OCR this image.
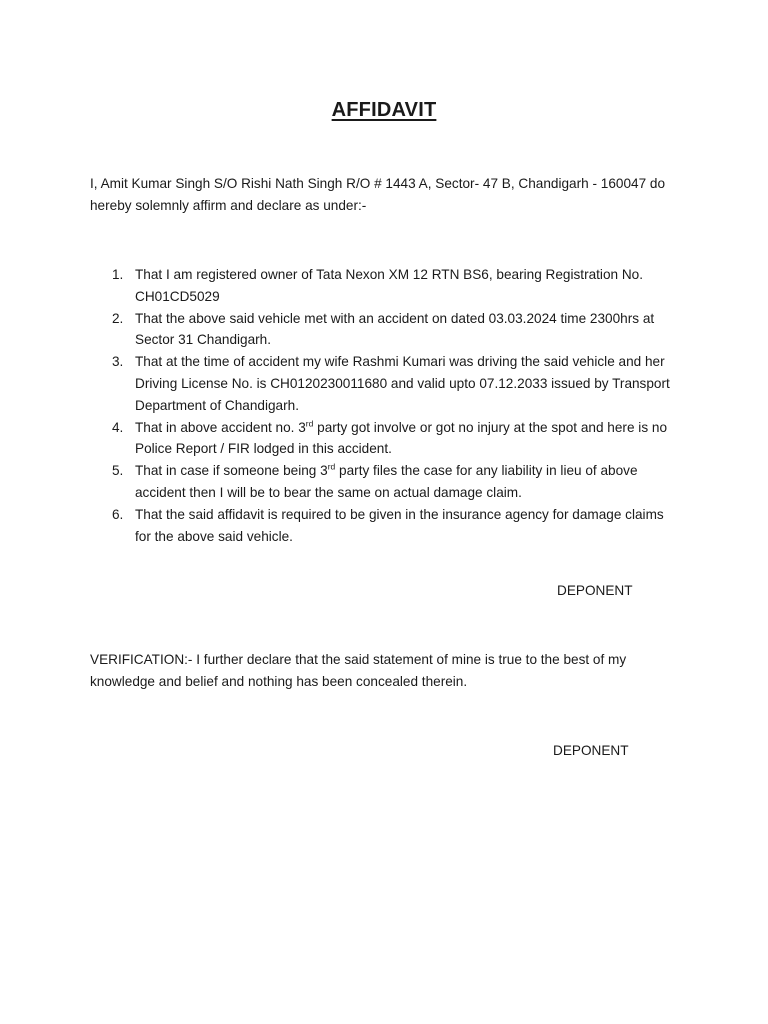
AFFIDAVIT

I, Amit Kumar Singh S/O Rishi Nath Singh R/O # 1443 A, Sector- 47 B, Chandigarh - 160047 do hereby solemnly affirm and declare as under:-

1. That I am registered owner of Tata Nexon XM 12 RTN BS6, bearing Registration No. CH01CD5029
2. That the above said vehicle met with an accident on dated 03.03.2024 time 2300hrs at Sector 31 Chandigarh.
3. That at the time of accident my wife Rashmi Kumari was driving the said vehicle and her Driving License No. is CH0120230011680 and valid upto 07.12.2033 issued by Transport Department of Chandigarh.
4. That in above accident no. 3rd party got involve or got no injury at the spot and here is no Police Report / FIR lodged in this accident.
5. That in case if someone being 3rd party files the case for any liability in lieu of above accident then I will be to bear the same on actual damage claim.
6. That the said affidavit is required to be given in the insurance agency for damage claims for the above said vehicle.

DEPONENT

VERIFICATION:- I further declare that the said statement of mine is true to the best of my knowledge and belief and nothing has been concealed therein.

DEPONENT
